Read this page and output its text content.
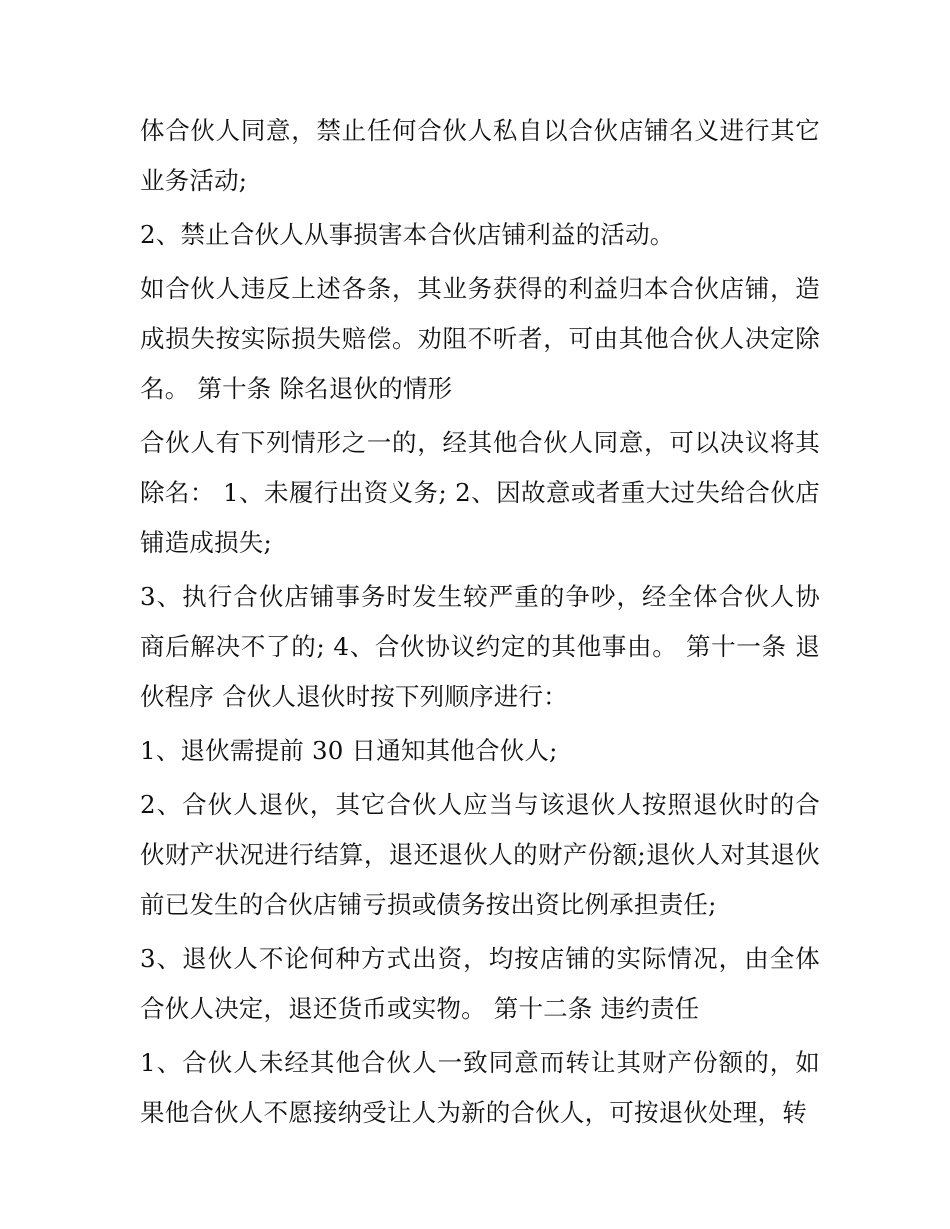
体合伙人同意，禁止任何合伙人私自以合伙店铺名义进行其它业务活动;

2、禁止合伙人从事损害本合伙店铺利益的活动。

如合伙人违反上述各条，其业务获得的利益归本合伙店铺，造成损失按实际损失赔偿。劝阻不听者，可由其他合伙人决定除名。 第十条 除名退伙的情形

合伙人有下列情形之一的，经其他合伙人同意，可以决议将其除名： 1、未履行出资义务; 2、因故意或者重大过失给合伙店铺造成损失;

3、执行合伙店铺事务时发生较严重的争吵，经全体合伙人协商后解决不了的; 4、合伙协议约定的其他事由。 第十一条 退伙程序 合伙人退伙时按下列顺序进行：

1、退伙需提前 30 日通知其他合伙人;

2、合伙人退伙，其它合伙人应当与该退伙人按照退伙时的合伙财产状况进行结算，退还退伙人的财产份额;退伙人对其退伙前已发生的合伙店铺亏损或债务按出资比例承担责任;

3、退伙人不论何种方式出资，均按店铺的实际情况，由全体合伙人决定，退还货币或实物。 第十二条 违约责任

1、合伙人未经其他合伙人一致同意而转让其财产份额的，如果他合伙人不愿接纳受让人为新的合伙人，可按退伙处理，转
